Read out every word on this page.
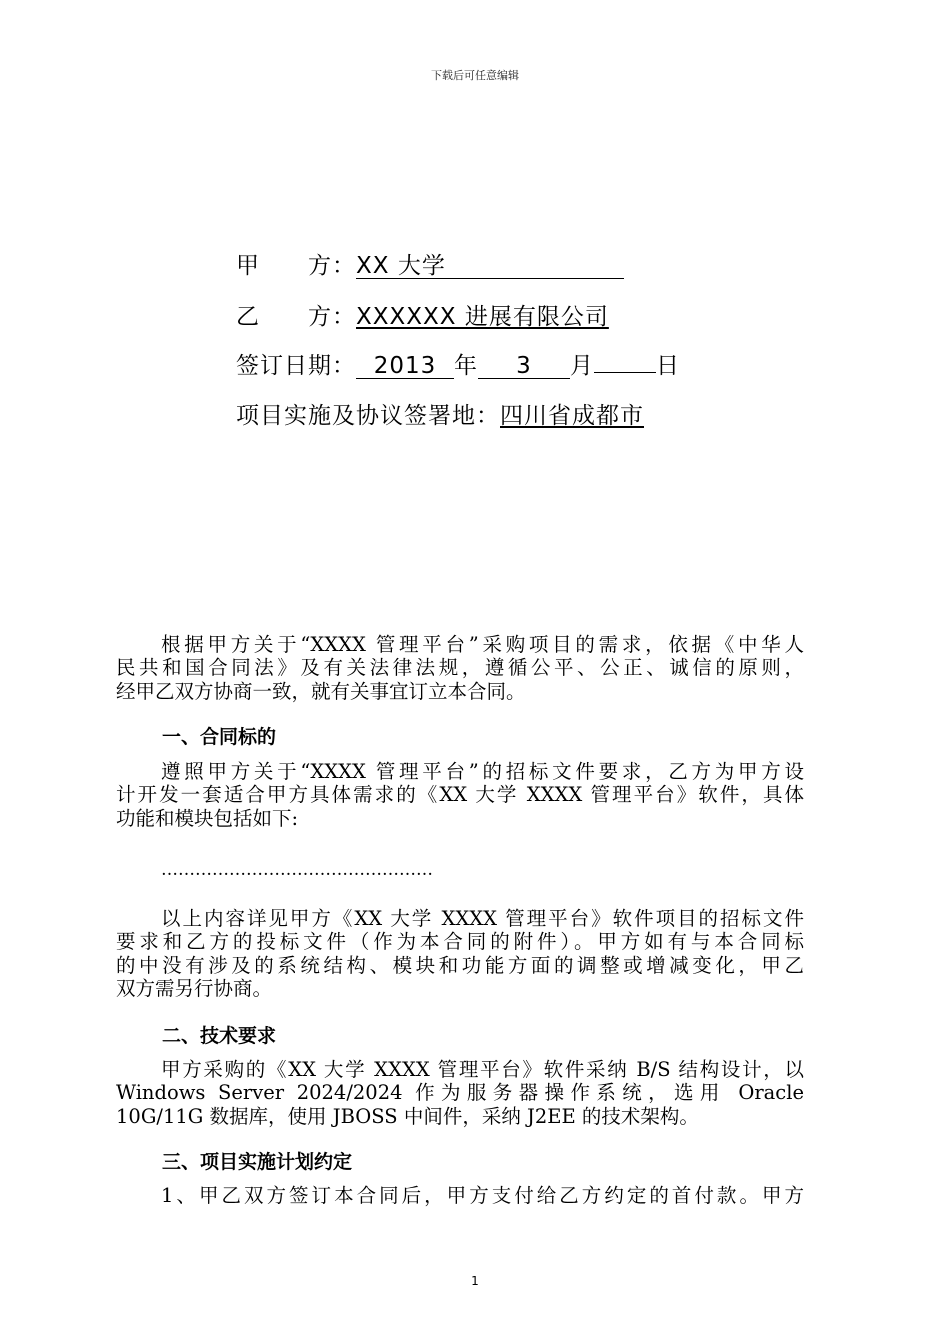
下载后可任意编辑
甲 方：XX 大学
乙 方：XXXXXX 进展有限公司
签订日期： 2013 年 3 月	日
项目实施及协议签署地：四川省成都市
根据甲方关于“XXXX 管理平台”采购项目的需求，依据《中华人
民共和国合同法》及有关法律法规，遵循公平、公正、诚信的原则，
经甲乙双方协商一致，就有关事宜订立本合同。
一、合同标的
遵照甲方关于“XXXX 管理平台”的招标文件要求，乙方为甲方设
计开发一套适合甲方具体需求的《XX 大学 XXXX 管理平台》软件，具体
功能和模块包括如下:
…………………………………………
以上内容详见甲方《XX 大学 XXXX 管理平台》软件项目的招标文件
要求和乙方的投标文件（作为本合同的附件）。甲方如有与本合同标
的中没有涉及的系统结构、模块和功能方面的调整或增减变化，甲乙
双方需另行协商。
二、技术要求
甲方采购的《XX 大学 XXXX 管理平台》软件采纳 B/S 结构设计，以
Windows Server 2024/2024 作为服务器操作系统，选用 Oracle
10G/11G 数据库，使用 JBOSS 中间件，采纳 J2EE 的技术架构。
三、项目实施计划约定
1、甲乙双方签订本合同后，甲方支付给乙方约定的首付款。甲方
1
